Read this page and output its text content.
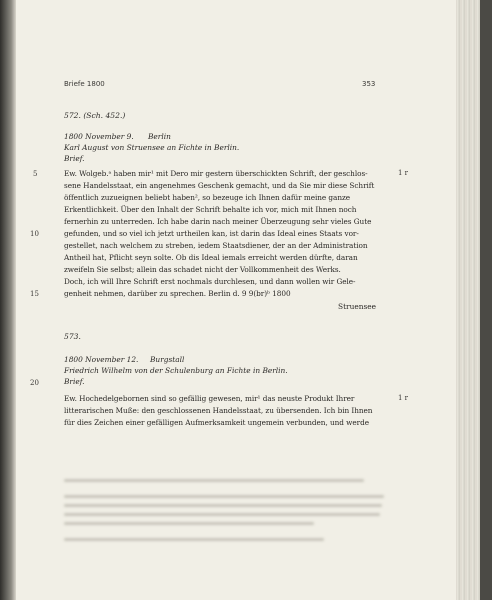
Briefe 1800	353
572. (Sch. 452.)
1800 November 9. Berlin
Karl August von Struensee an Fichte in Berlin.
Brief.
Ew. Wolgeb.ᵃ haben mir¹ mit Dero mir gestern überschickten Schrift, der geschlos-
sene Handelsstaat, ein angenehmes Geschenk gemacht, und da Sie mir diese Schrift
öffentlich zuzueignen beliebt haben², so bezeuge ich Ihnen dafür meine ganze
Erkentlichkeit. Über den Inhalt der Schrift behalte ich vor, mich mit Ihnen noch
fernerhin zu unterreden. Ich habe darin nach meiner Überzeugung sehr vieles Gute
gefunden, und so viel ich jetzt urtheilen kan, ist darin das Ideal eines Staats vor-
gestellet, nach welchem zu streben, iedem Staatsdiener, der an der Administration
Antheil hat, Pflicht seyn solte. Ob dis Ideal iemals erreicht werden dürfte, daran
zweifeln Sie selbst; allein das schadet nicht der Vollkommenheit des Werks.
Doch, ich will Ihre Schrift erst nochmals durchlesen, und dann wollen wir Gele-
genheit nehmen, darüber zu sprechen. Berlin d. 9 9(br)ᵇ 1800
5
10
15
1 r
Struensee
573.
1800 November 12. Burgstall
Friedrich Wilhelm von der Schulenburg an Fichte in Berlin.
Brief.
20
Ew. Hochedelgebornen sind so gefällig gewesen, mir¹ das neuste Produkt Ihrer
litterarischen Muße: den geschlossenen Handelsstaat, zu übersenden. Ich bin Ihnen
für dies Zeichen einer gefälligen Aufmerksamkeit ungemein verbunden, und werde
1 r
